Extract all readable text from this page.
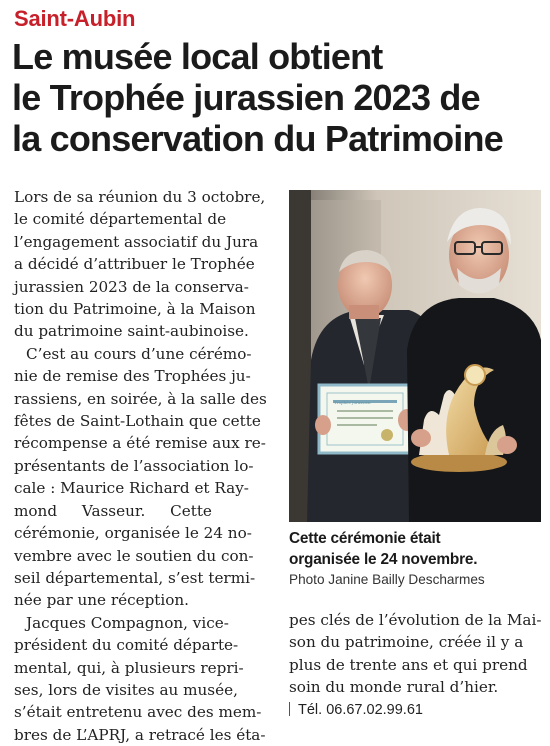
Saint-Aubin
Le musée local obtient
le Trophée jurassien 2023 de
la conservation du Patrimoine
Lors de sa réunion du 3 octobre,
le comité départemental de
l’engagement associatif du Jura
a décidé d’attribuer le Trophée
jurassien 2023 de la conserva-
tion du Patrimoine, à la Maison
du patrimoine saint-aubinoise.
C’est au cours d’une cérémo-
nie de remise des Trophées ju-
rassiens, en soirée, à la salle des
fêtes de Saint-Lothain que cette
récompense a été remise aux re-
présentants de l’association lo-
cale : Maurice Richard et Ray-
mond Vasseur. Cette
cérémonie, organisée le 24 no-
vembre avec le soutien du con-
seil départemental, s’est termi-
née par une réception.
Jacques Compagnon, vice-
président du comité départe-
mental, qui, à plusieurs repri-
ses, lors de visites au musée,
s’était entretenu avec des mem-
bres de L’APRJ, a retracé les éta-
Trophée jurassien
Cette cérémonie était
organisée le 24 novembre.
Photo Janine Bailly Descharmes
pes clés de l’évolution de la Mai-
son du patrimoine, créée il y a
plus de trente ans et qui prend
soin du monde rural d’hier.
Tél. 06.67.02.99.61
